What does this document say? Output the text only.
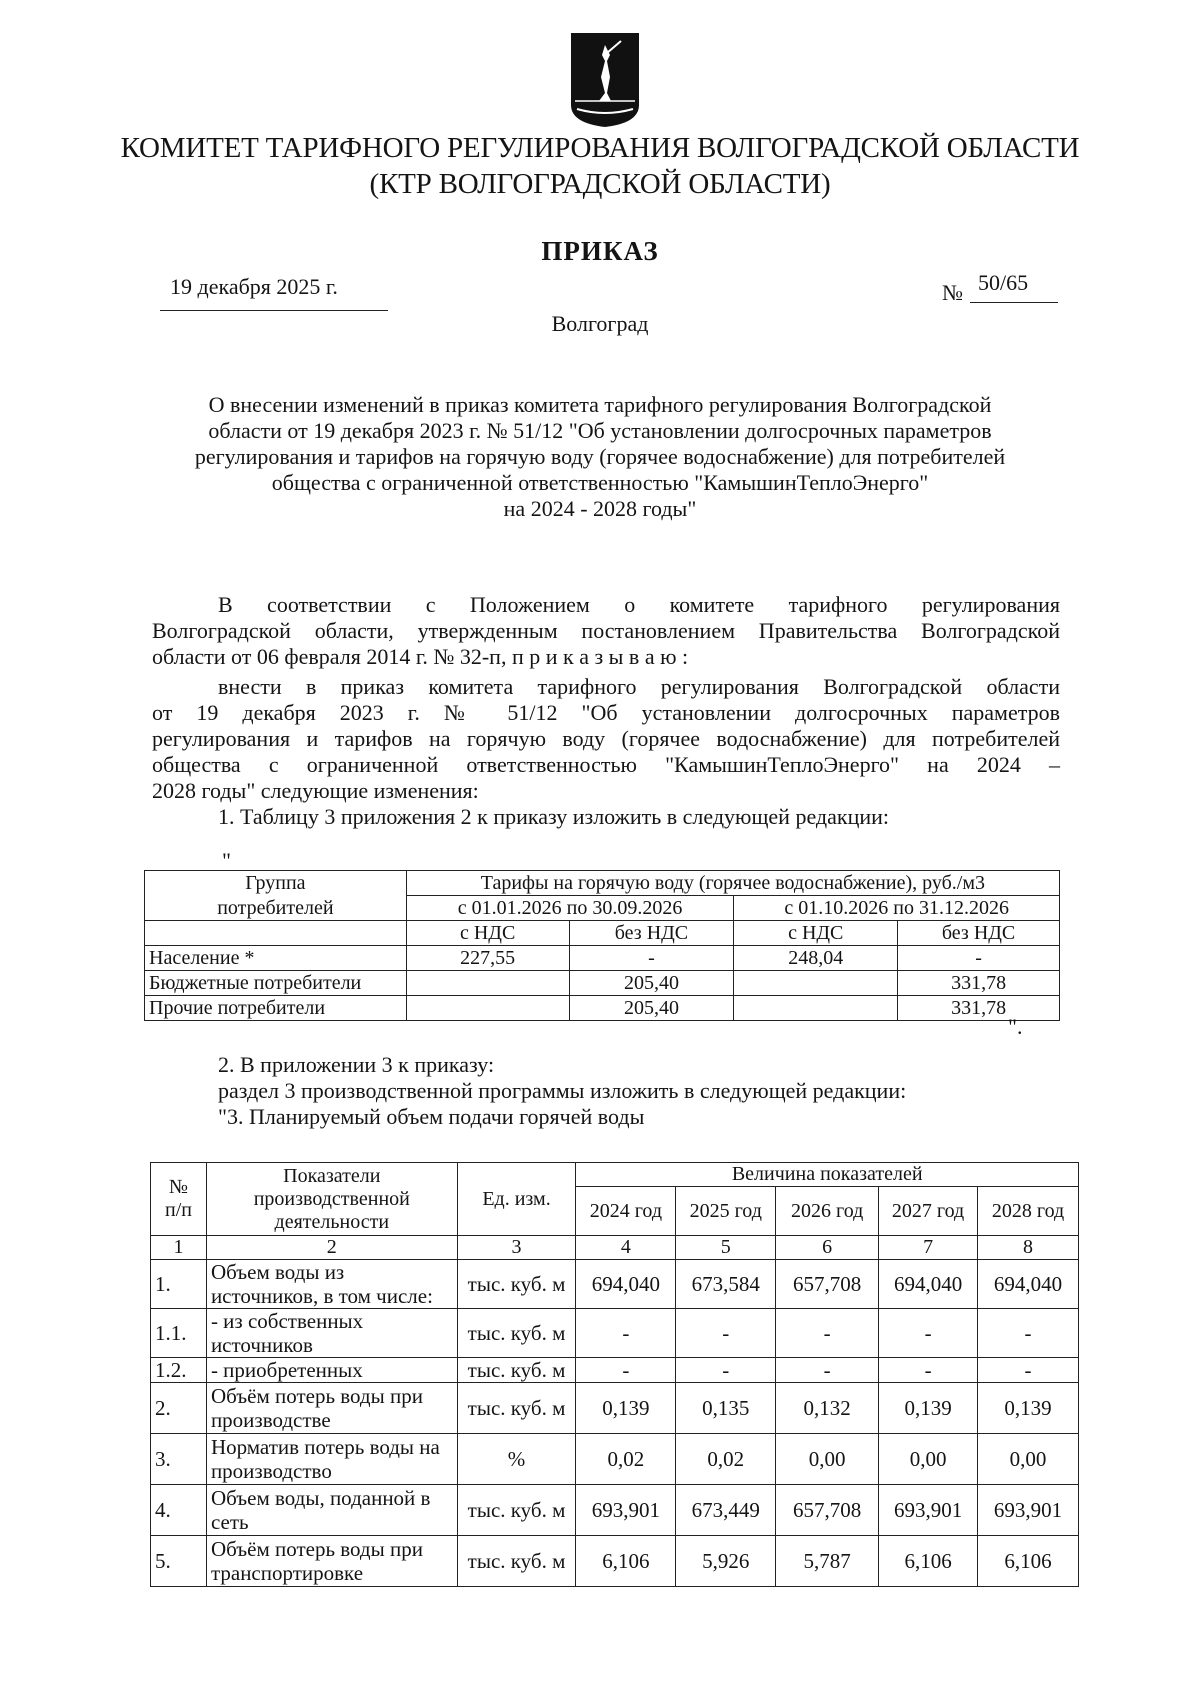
КОМИТЕТ ТАРИФНОГО РЕГУЛИРОВАНИЯ ВОЛГОГРАДСКОЙ ОБЛАСТИ
(КТР ВОЛГОГРАДСКОЙ ОБЛАСТИ)
ПРИКАЗ
19 декабря 2025 г.	№ 50/65
Волгоград
О внесении изменений в приказ комитета тарифного регулирования Волгоградской
области от 19 декабря 2023 г. № 51/12 "Об установлении долгосрочных параметров
регулирования и тарифов на горячую воду (горячее водоснабжение) для потребителей
общества с ограниченной ответственностью "КамышинТеплоЭнерго"
на 2024 - 2028 годы"
В соответствии с Положением о комитете тарифного регулирования
Волгоградской области, утвержденным постановлением Правительства Волгоградской
области от 06 февраля 2014 г. № 32-п, п р и к а з ы в а ю :
внести в приказ комитета тарифного регулирования Волгоградской области
от 19 декабря 2023 г. № 51/12 "Об установлении долгосрочных параметров
регулирования и тарифов на горячую воду (горячее водоснабжение) для потребителей
общества с ограниченной ответственностью "КамышинТеплоЭнерго" на 2024 –
2028 годы" следующие изменения:
1. Таблицу 3 приложения 2 к приказу изложить в следующей редакции:
"
Группа	Тарифы на горячую воду (горячее водоснабжение), руб./м3			
потребителей	с 01.01.2026 по 30.09.2026		с 01.10.2026 по 31.12.2026	
	с НДС	без НДС	с НДС	без НДС
Население *	227,55	-	248,04	-
Бюджетные потребители		205,40		331,78
Прочие потребители		205,40		331,78
".
2. В приложении 3 к приказу:
раздел 3 производственной программы изложить в следующей редакции:
"3. Планируемый объем подачи горячей воды
№
п/п	Показатели производственной деятельности	Ед. изм.	Величина показателей				
			2024 год	2025 год	2026 год	2027 год	2028 год
1	2	3	4	5	6	7	8
1.	Объем воды из источников, в том числе:	тыс. куб. м	694,040	673,584	657,708	694,040	694,040
1.1.	- из собственных источников	тыс. куб. м	-	-	-	-	-
1.2.	- приобретенных	тыс. куб. м	-	-	-	-	-
2.	Объём потерь воды при производстве	тыс. куб. м	0,139	0,135	0,132	0,139	0,139
3.	Норматив потерь воды на производство	%	0,02	0,02	0,00	0,00	0,00
4.	Объем воды, поданной в сеть	тыс. куб. м	693,901	673,449	657,708	693,901	693,901
5.	Объём потерь воды при транспортировке	тыс. куб. м	6,106	5,926	5,787	6,106	6,106
